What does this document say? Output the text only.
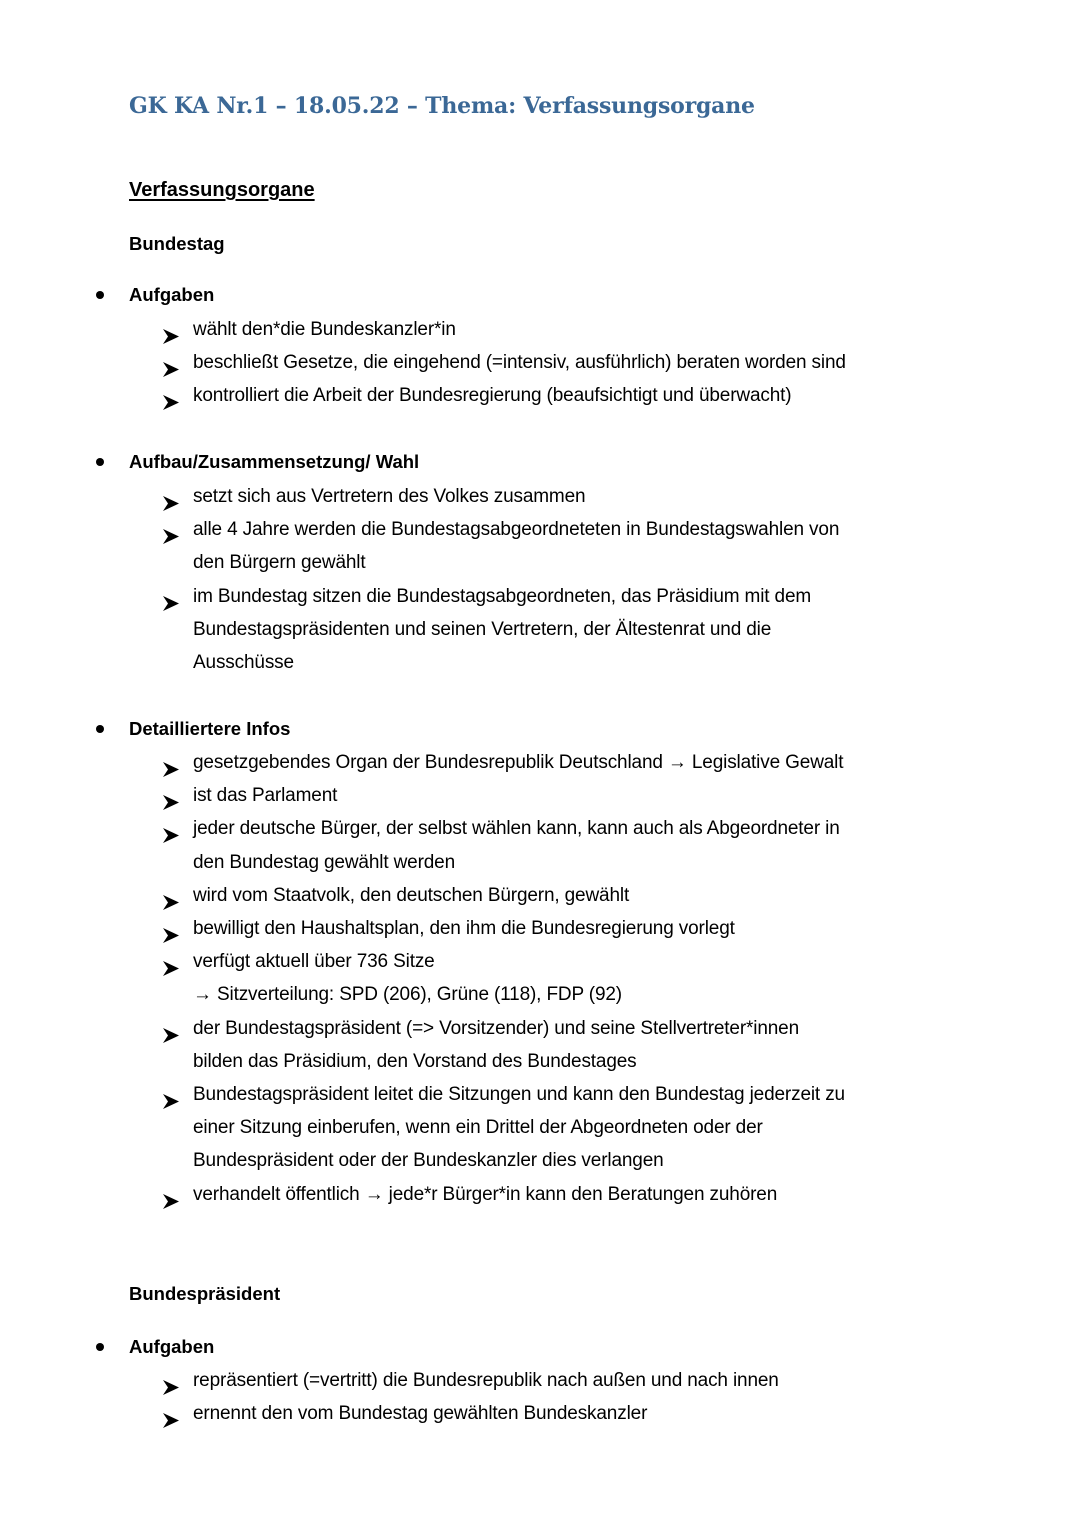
GK KA Nr.1 – 18.05.22 – Thema: Verfassungsorgane
Verfassungsorgane
Bundestag
Aufgaben
Aufbau/Zusammensetzung/ Wahl
Detailliertere Infos
Bundespräsident
Aufgaben
wählt den*die Bundeskanzler*in
beschließt Gesetze, die eingehend (=intensiv, ausführlich) beraten worden sind
kontrolliert die Arbeit der Bundesregierung (beaufsichtigt und überwacht)
setzt sich aus Vertretern des Volkes zusammen
alle 4 Jahre werden die Bundestagsabgeordneteten in Bundestagswahlen von
den Bürgern gewählt
im Bundestag sitzen die Bundestagsabgeordneten, das Präsidium mit dem
Bundestagspräsidenten und seinen Vertretern, der Ältestenrat und die
Ausschüsse
gesetzgebendes Organ der Bundesrepublik Deutschland → Legislative Gewalt
ist das Parlament
jeder deutsche Bürger, der selbst wählen kann, kann auch als Abgeordneter in
den Bundestag gewählt werden
wird vom Staatvolk, den deutschen Bürgern, gewählt
bewilligt den Haushaltsplan, den ihm die Bundesregierung vorlegt
verfügt aktuell über 736 Sitze
→ Sitzverteilung: SPD (206), Grüne (118), FDP (92)
der Bundestagspräsident (=> Vorsitzender) und seine Stellvertreter*innen
bilden das Präsidium, den Vorstand des Bundestages
Bundestagspräsident leitet die Sitzungen und kann den Bundestag jederzeit zu
einer Sitzung einberufen, wenn ein Drittel der Abgeordneten oder der
Bundespräsident oder der Bundeskanzler dies verlangen
verhandelt öffentlich → jede*r Bürger*in kann den Beratungen zuhören
repräsentiert (=vertritt) die Bundesrepublik nach außen und nach innen
ernennt den vom Bundestag gewählten Bundeskanzler
